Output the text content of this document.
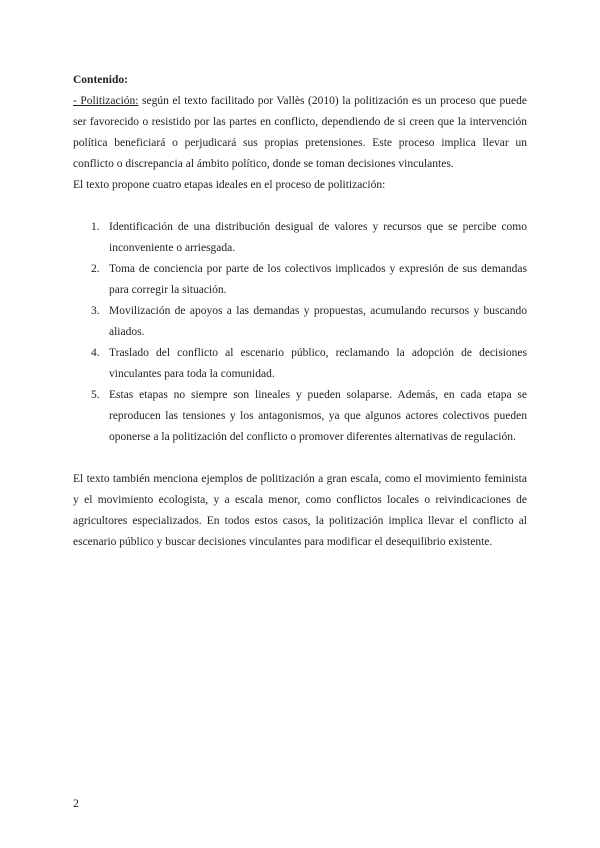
Contenido:

- Politización: según el texto facilitado por Vallès (2010) la politización es un proceso que puede ser favorecido o resistido por las partes en conflicto, dependiendo de si creen que la intervención política beneficiará o perjudicará sus propias pretensiones. Este proceso implica llevar un conflicto o discrepancia al ámbito político, donde se toman decisiones vinculantes.

El texto propone cuatro etapas ideales en el proceso de politización:

1. Identificación de una distribución desigual de valores y recursos que se percibe como inconveniente o arriesgada.
2. Toma de conciencia por parte de los colectivos implicados y expresión de sus demandas para corregir la situación.
3. Movilización de apoyos a las demandas y propuestas, acumulando recursos y buscando aliados.
4. Traslado del conflicto al escenario público, reclamando la adopción de decisiones vinculantes para toda la comunidad.
5. Estas etapas no siempre son lineales y pueden solaparse. Además, en cada etapa se reproducen las tensiones y los antagonismos, ya que algunos actores colectivos pueden oponerse a la politización del conflicto o promover diferentes alternativas de regulación.

El texto también menciona ejemplos de politización a gran escala, como el movimiento feminista y el movimiento ecologista, y a escala menor, como conflictos locales o reivindicaciones de agricultores especializados. En todos estos casos, la politización implica llevar el conflicto al escenario público y buscar decisiones vinculantes para modificar el desequilibrio existente.

2
